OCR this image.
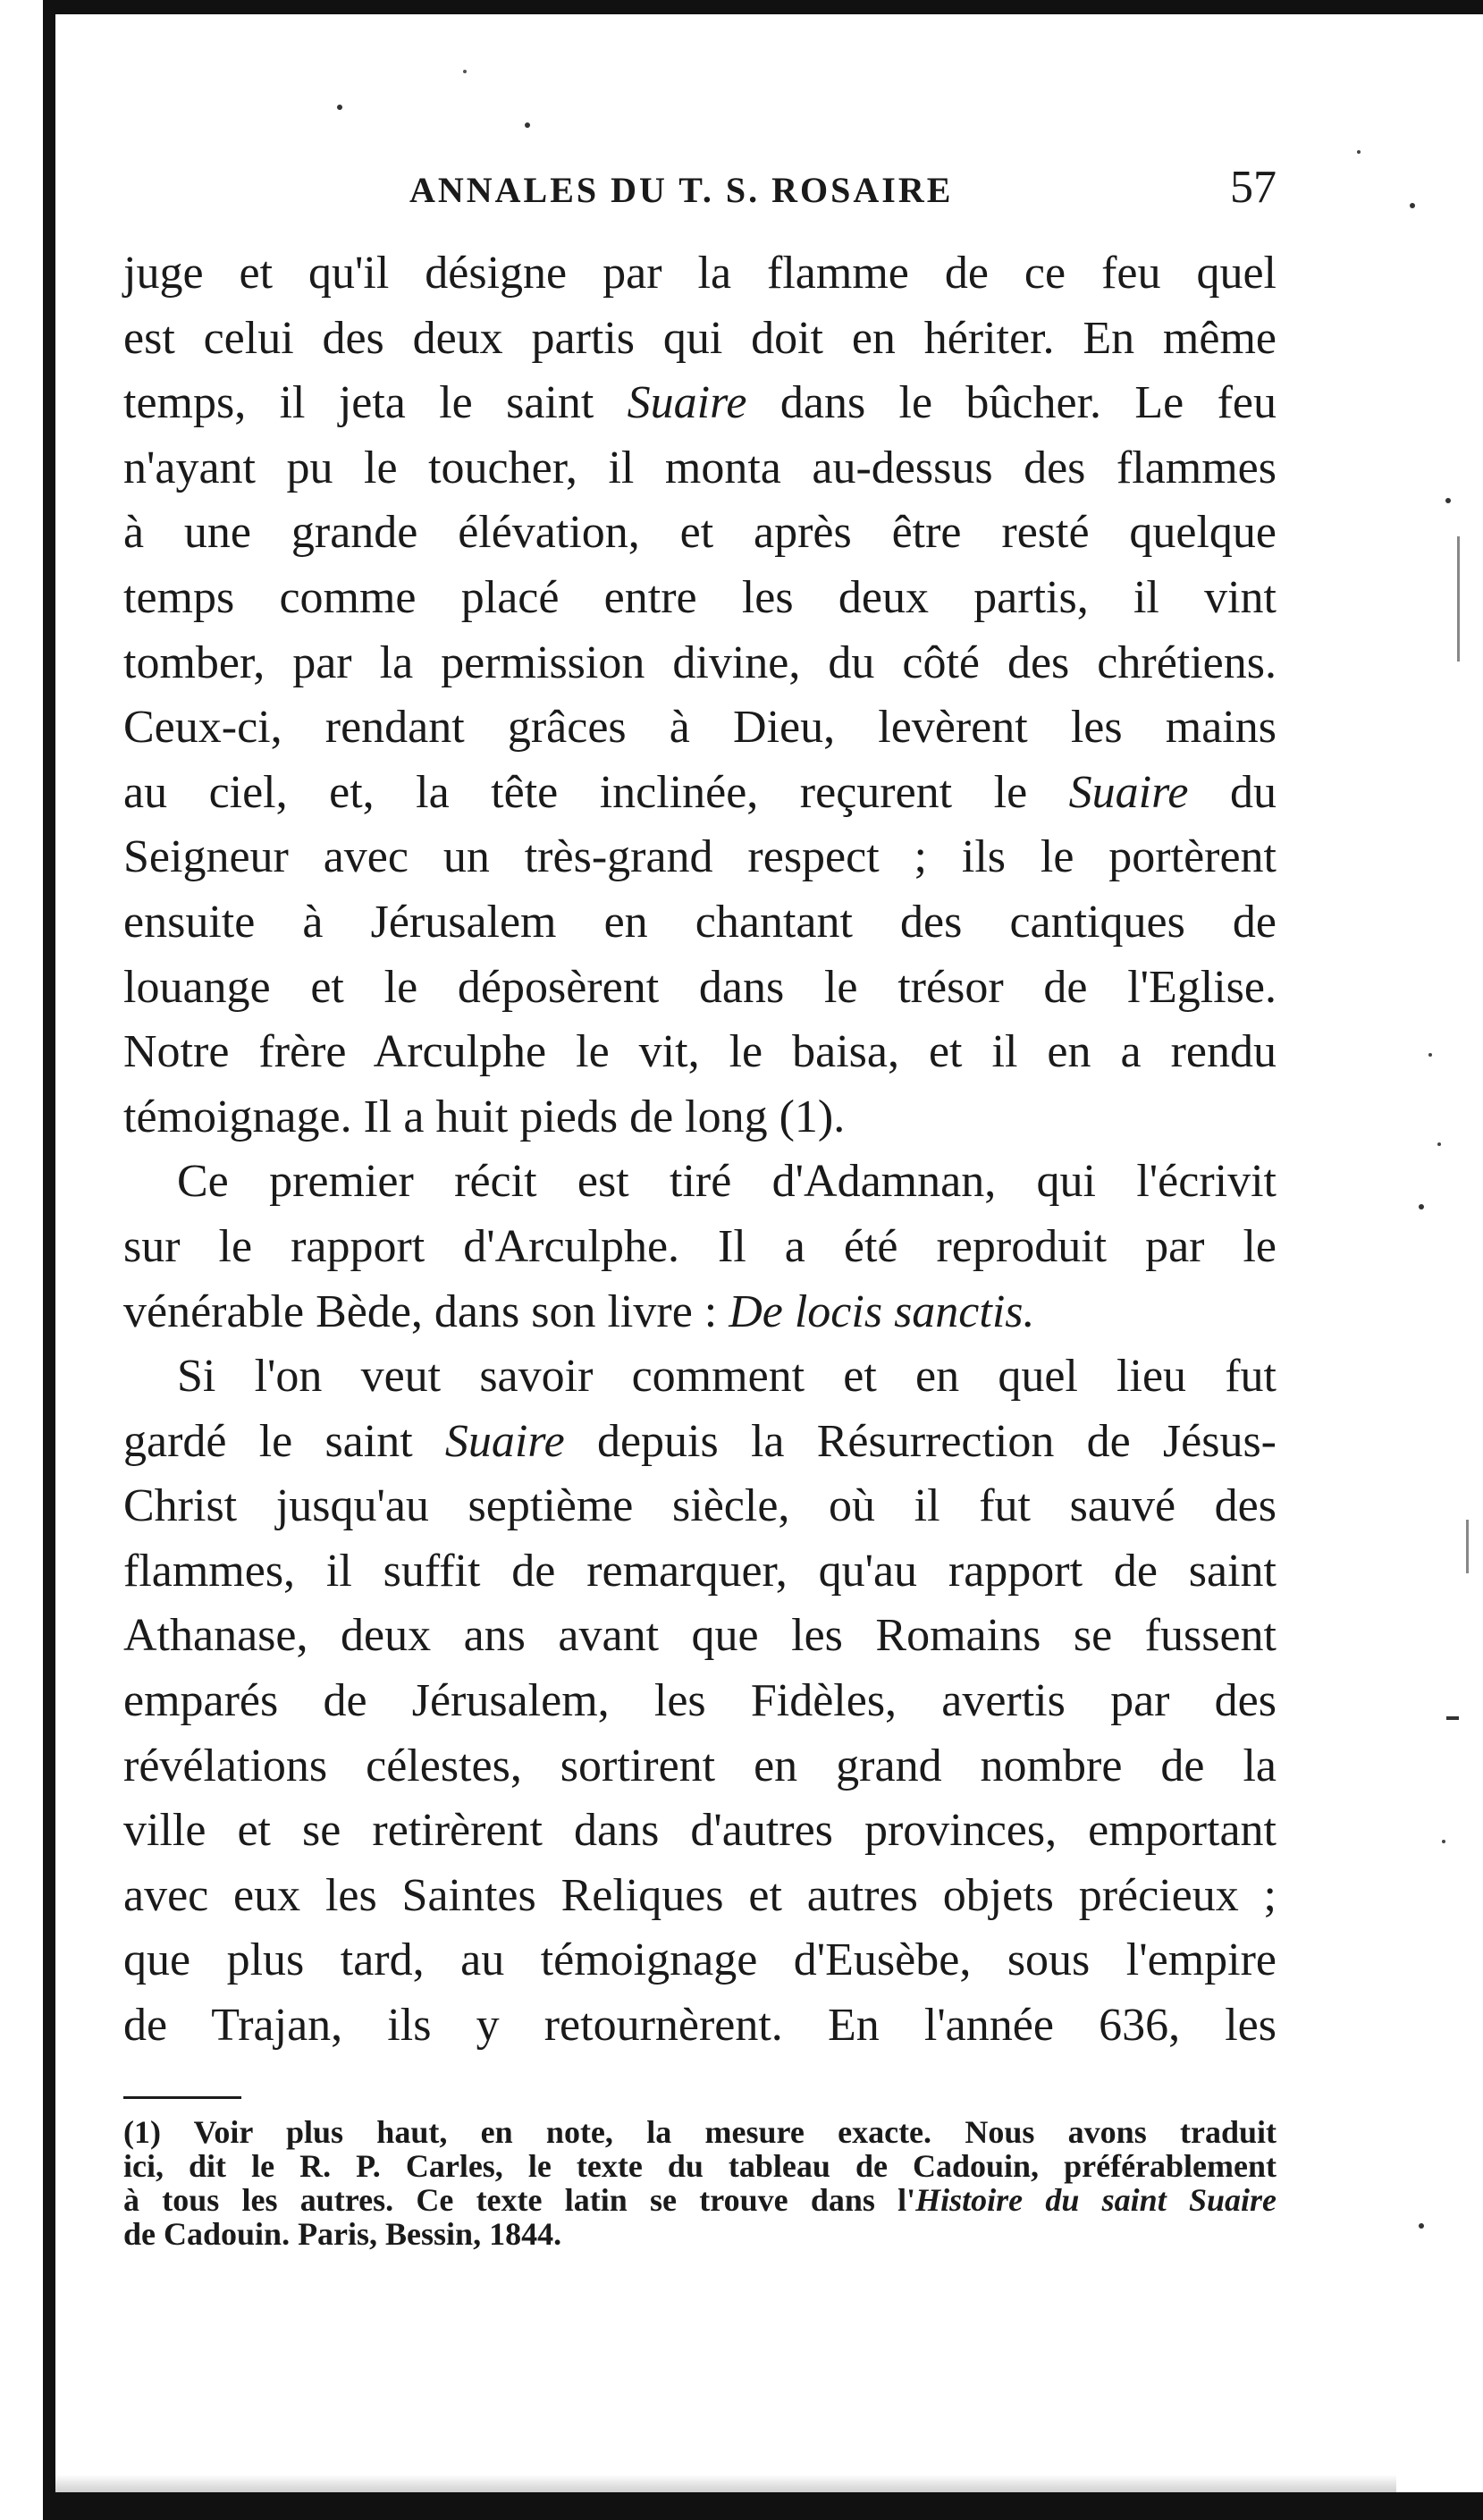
ANNALES DU T. S. ROSAIRE	57
juge et qu'il désigne par la flamme de ce feu quel
est celui des deux partis qui doit en hériter. En même
temps, il jeta le saint Suaire dans le bûcher. Le feu
n'ayant pu le toucher, il monta au-dessus des flammes
à une grande élévation, et après être resté quelque
temps comme placé entre les deux partis, il vint
tomber, par la permission divine, du côté des chrétiens.
Ceux-ci, rendant grâces à Dieu, levèrent les mains
au ciel, et, la tête inclinée, reçurent le Suaire du
Seigneur avec un très-grand respect ; ils le portèrent
ensuite à Jérusalem en chantant des cantiques de
louange et le déposèrent dans le trésor de l'Eglise.
Notre frère Arculphe le vit, le baisa, et il en a rendu
témoignage. Il a huit pieds de long (1).
Ce premier récit est tiré d'Adamnan, qui l'écrivit
sur le rapport d'Arculphe. Il a été reproduit par le
vénérable Bède, dans son livre : De locis sanctis.
Si l'on veut savoir comment et en quel lieu fut
gardé le saint Suaire depuis la Résurrection de Jésus-
Christ jusqu'au septième siècle, où il fut sauvé des
flammes, il suffit de remarquer, qu'au rapport de saint
Athanase, deux ans avant que les Romains se fussent
emparés de Jérusalem, les Fidèles, avertis par des
révélations célestes, sortirent en grand nombre de la
ville et se retirèrent dans d'autres provinces, emportant
avec eux les Saintes Reliques et autres objets précieux ;
que plus tard, au témoignage d'Eusèbe, sous l'empire
de Trajan, ils y retournèrent. En l'année 636, les
(1) Voir plus haut, en note, la mesure exacte. Nous avons traduit
ici, dit le R. P. Carles, le texte du tableau de Cadouin, préférablement
à tous les autres. Ce texte latin se trouve dans l'Histoire du saint Suaire
de Cadouin. Paris, Bessin, 1844.
